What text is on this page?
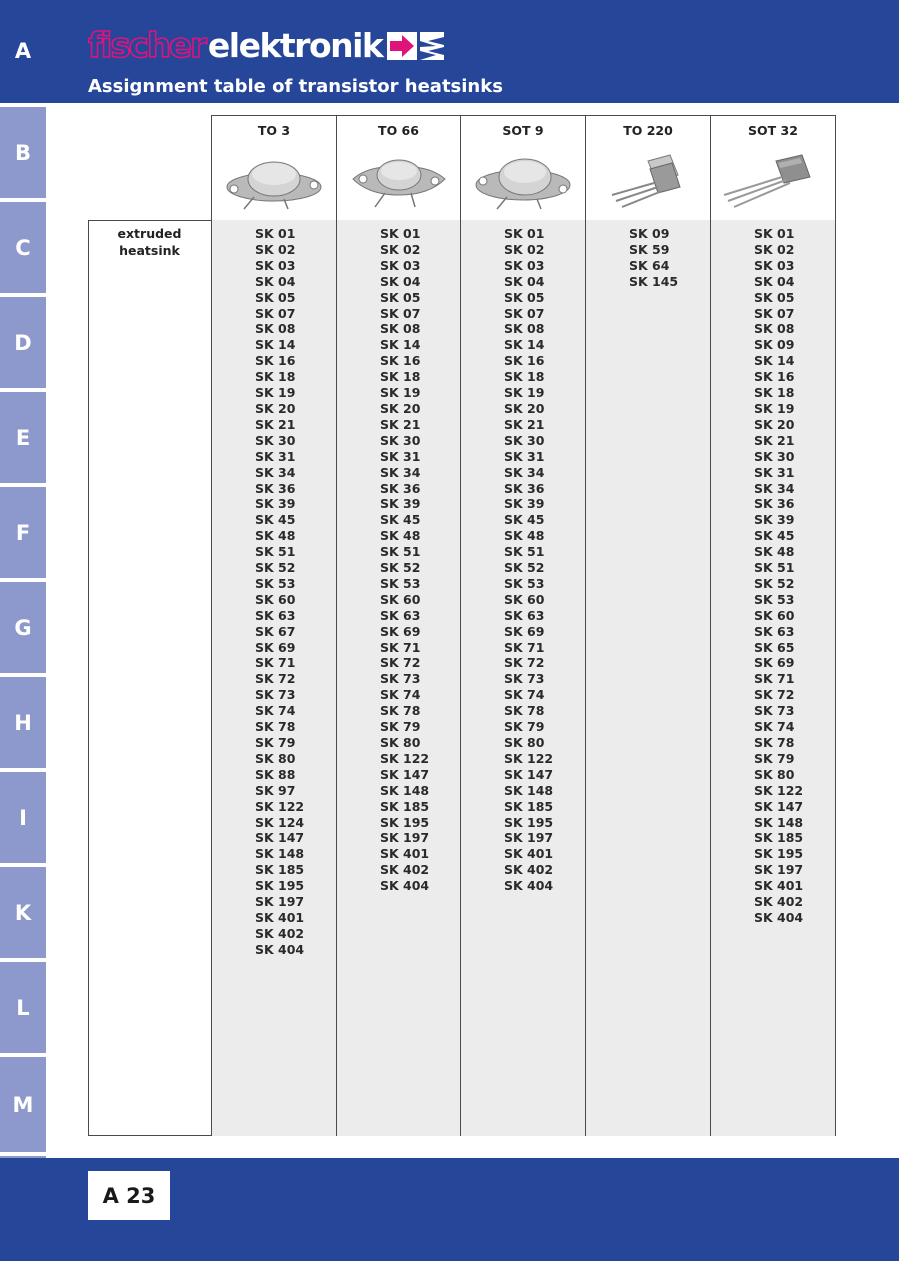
fischer elektronik
Assignment table of transistor heatsinks
A
B
C
D
E
F
G
H
I
K
L
M
extruded
heatsink
TO 3
SK 01
SK 02
SK 03
SK 04
SK 05
SK 07
SK 08
SK 14
SK 16
SK 18
SK 19
SK 20
SK 21
SK 30
SK 31
SK 34
SK 36
SK 39
SK 45
SK 48
SK 51
SK 52
SK 53
SK 60
SK 63
SK 67
SK 69
SK 71
SK 72
SK 73
SK 74
SK 78
SK 79
SK 80
SK 88
SK 97
SK 122
SK 124
SK 147
SK 148
SK 185
SK 195
SK 197
SK 401
SK 402
SK 404
TO 66
SK 01
SK 02
SK 03
SK 04
SK 05
SK 07
SK 08
SK 14
SK 16
SK 18
SK 19
SK 20
SK 21
SK 30
SK 31
SK 34
SK 36
SK 39
SK 45
SK 48
SK 51
SK 52
SK 53
SK 60
SK 63
SK 69
SK 71
SK 72
SK 73
SK 74
SK 78
SK 79
SK 80
SK 122
SK 147
SK 148
SK 185
SK 195
SK 197
SK 401
SK 402
SK 404
SOT 9
SK 01
SK 02
SK 03
SK 04
SK 05
SK 07
SK 08
SK 14
SK 16
SK 18
SK 19
SK 20
SK 21
SK 30
SK 31
SK 34
SK 36
SK 39
SK 45
SK 48
SK 51
SK 52
SK 53
SK 60
SK 63
SK 69
SK 71
SK 72
SK 73
SK 74
SK 78
SK 79
SK 80
SK 122
SK 147
SK 148
SK 185
SK 195
SK 197
SK 401
SK 402
SK 404
TO 220
SK 09
SK 59
SK 64
SK 145
SOT 32
SK 01
SK 02
SK 03
SK 04
SK 05
SK 07
SK 08
SK 09
SK 14
SK 16
SK 18
SK 19
SK 20
SK 21
SK 30
SK 31
SK 34
SK 36
SK 39
SK 45
SK 48
SK 51
SK 52
SK 53
SK 60
SK 63
SK 65
SK 69
SK 71
SK 72
SK 73
SK 74
SK 78
SK 79
SK 80
SK 122
SK 147
SK 148
SK 185
SK 195
SK 197
SK 401
SK 402
SK 404
A 23
